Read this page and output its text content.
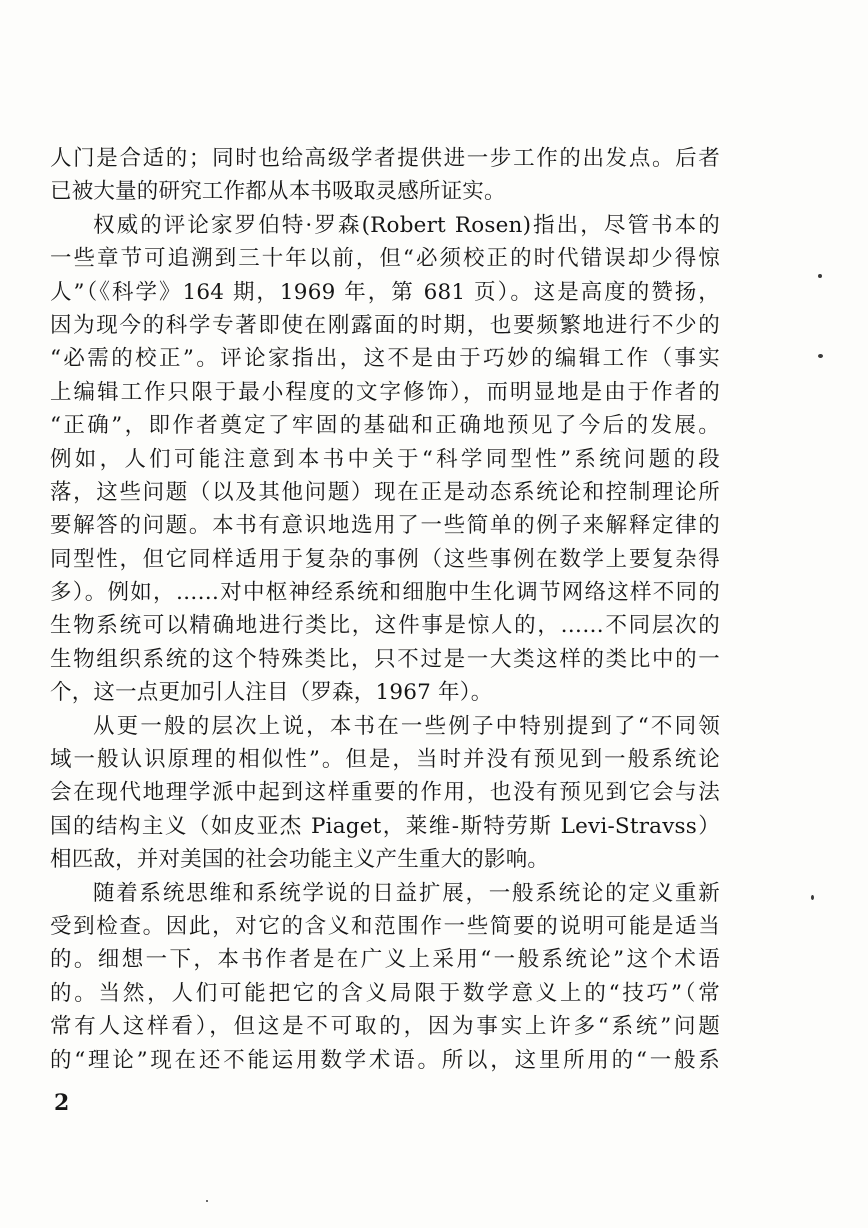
人门是合适的；同时也给高级学者提供进一步工作的出发点。后者
已被大量的研究工作都从本书吸取灵感所证实。
权威的评论家罗伯特·罗森(Robert Rosen)指出，尽管书本的
一些章节可追溯到三十年以前，但“必须校正的时代错误却少得惊
人”（《科学》164 期，1969 年，第 681 页）。这是高度的赞扬，
因为现今的科学专著即使在刚露面的时期，也要频繁地进行不少的
“必需的校正”。评论家指出，这不是由于巧妙的编辑工作（事实
上编辑工作只限于最小程度的文字修饰），而明显地是由于作者的
“正确”，即作者奠定了牢固的基础和正确地预见了今后的发展。
例如，人们可能注意到本书中关于“科学同型性”系统问题的段
落，这些问题（以及其他问题）现在正是动态系统论和控制理论所
要解答的问题。本书有意识地选用了一些简单的例子来解释定律的
同型性，但它同样适用于复杂的事例（这些事例在数学上要复杂得
多）。例如，……对中枢神经系统和细胞中生化调节网络这样不同的
生物系统可以精确地进行类比，这件事是惊人的，……不同层次的
生物组织系统的这个特殊类比，只不过是一大类这样的类比中的一
个，这一点更加引人注目（罗森，1967 年）。
从更一般的层次上说，本书在一些例子中特别提到了“不同领
域一般认识原理的相似性”。但是，当时并没有预见到一般系统论
会在现代地理学派中起到这样重要的作用，也没有预见到它会与法
国的结构主义（如皮亚杰 Piaget，莱维-斯特劳斯 Levi-Stravss）
相匹敌，并对美国的社会功能主义产生重大的影响。
随着系统思维和系统学说的日益扩展，一般系统论的定义重新
受到检查。因此，对它的含义和范围作一些简要的说明可能是适当
的。细想一下，本书作者是在广义上采用“一般系统论”这个术语
的。当然，人们可能把它的含义局限于数学意义上的“技巧”（常
常有人这样看），但这是不可取的，因为事实上许多“系统”问题
的“理论”现在还不能运用数学术语。所以，这里所用的“一般系
2
